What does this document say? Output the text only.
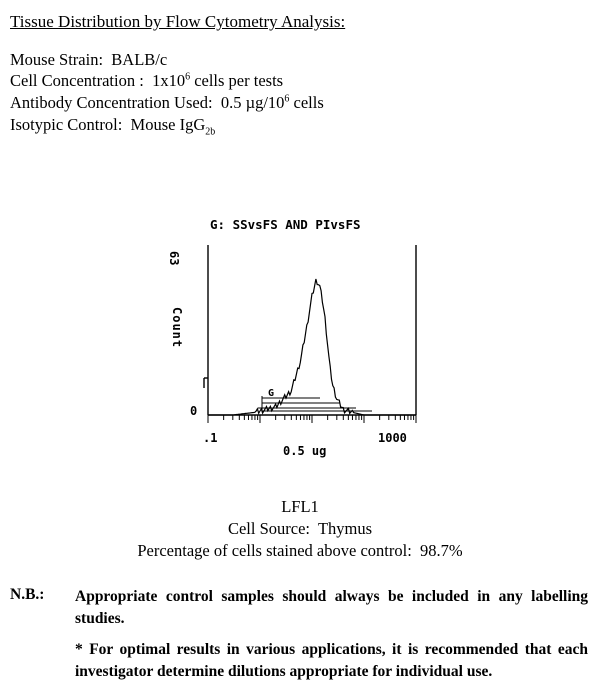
Tissue Distribution by Flow Cytometry Analysis:
Mouse Strain: BALB/c
Cell Concentration : $1x10^6$ cells per tests
Antibody Concentration Used: 0.5 $\mu g/10^6$ cells
Isotypic Control: Mouse IgG$_{2b}$
G: SSvsFS AND PIvsFS
63
Count
0
.1	1000
0.5 ug
G
LFL1
Cell Source: Thymus
Percentage of cells stained above control: 98.7%
N.B.: Appropriate control samples should always be included in any labelling studies.
* For optimal results in various applications, it is recommended that each investigator determine dilutions appropriate for individual use.
